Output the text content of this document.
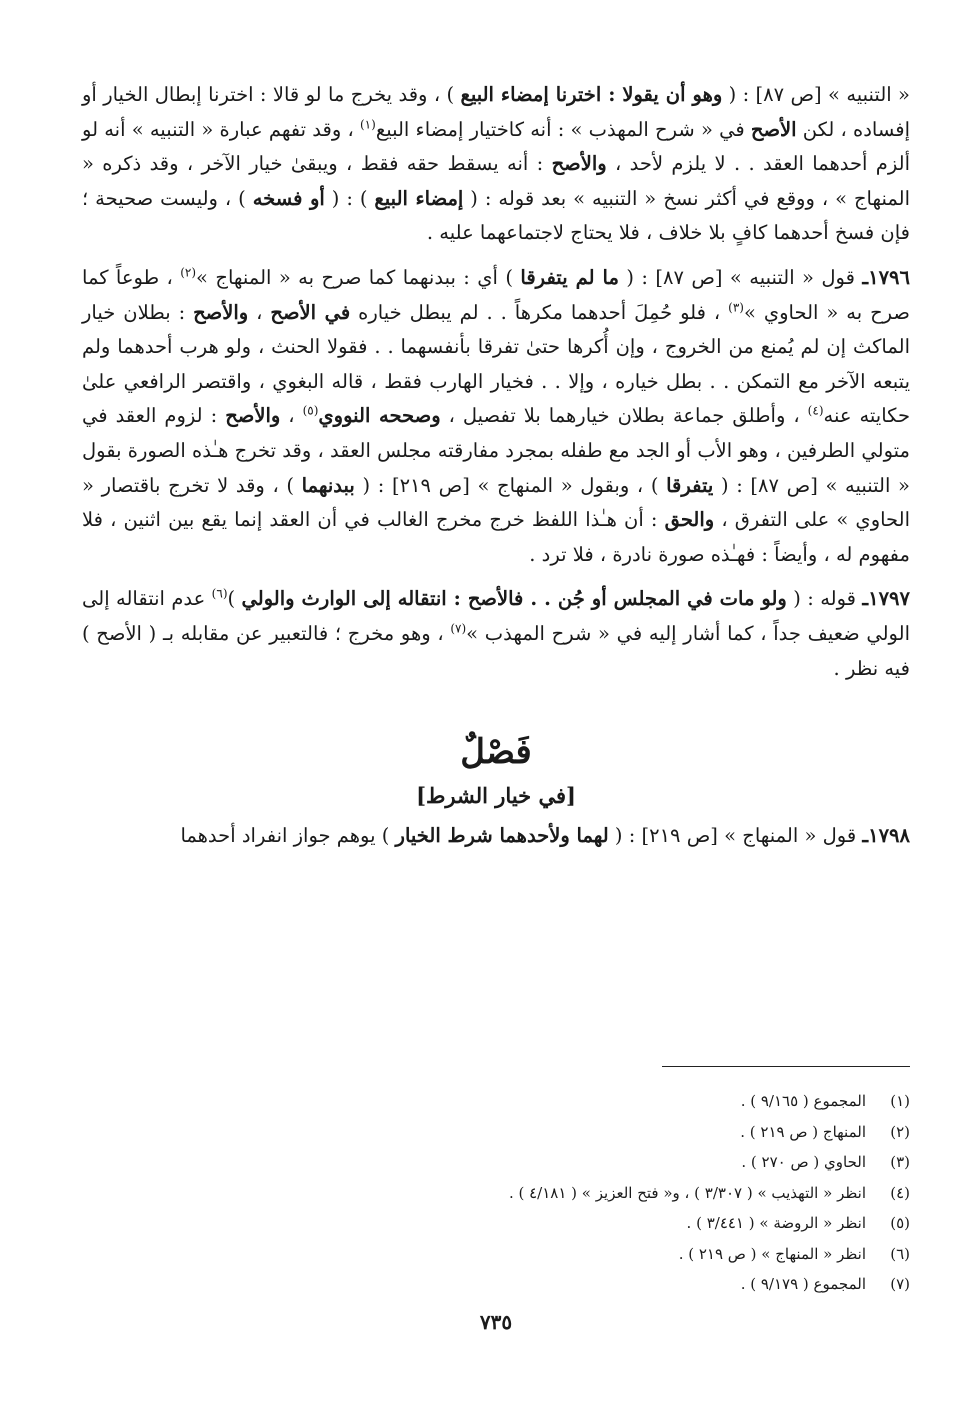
« التنبيه » [ص ٨٧] : ( وهو أن يقولا : اخترنا إمضاء البيع ) ، وقد يخرج ما لو قالا : اخترنا إبطال الخيار أو إفساده ، لكن الأصح في « شرح المهذب » : أنه كاختيار إمضاء البيع$^{(١)}$ ، وقد تفهم عبارة « التنبيه » أنه لو ألزم أحدهما العقد . . لا يلزم لأحد ، والأصح : أنه يسقط حقه فقط ، ويبقىٰ خيار الآخر ، وقد ذكره « المنهاج » ، ووقع في أكثر نسخ « التنبيه » بعد قوله : ( إمضاء البيع ) : ( أو فسخه ) ، وليست صحيحة ؛ فإن فسخ أحدهما كافٍ بلا خلاف ، فلا يحتاج لاجتماعهما عليه .

١٧٩٦ـ قول « التنبيه » [ص ٨٧] : ( ما لم يتفرقا ) أي : ببدنهما كما صرح به « المنهاج »$^{(٢)}$ ، طوعاً كما صرح به « الحاوي »$^{(٣)}$ ، فلو حُمِلَ أحدهما مكرهاً . . لم يبطل خياره في الأصح ، والأصح : بطلان خيار الماكث إن لم يُمنع من الخروج ، وإن أُكرها حتىٰ تفرقا بأنفسهما . . فقولا الحنث ، ولو هرب أحدهما ولم يتبعه الآخر مع التمكن . . بطل خياره ، وإلا . . فخيار الهارب فقط ، قاله البغوي ، واقتصر الرافعي علىٰ حكايته عنه$^{(٤)}$ ، وأطلق جماعة بطلان خيارهما بلا تفصيل ، وصححه النووي$^{(٥)}$ ، والأصح : لزوم العقد في متولي الطرفين ، وهو الأب أو الجد مع طفله بمجرد مفارقته مجلس العقد ، وقد تخرج هـٰذه الصورة بقول « التنبيه » [ص ٨٧] : ( يتفرقا ) ، وبقول « المنهاج » [ص ٢١٩] : ( ببدنهما ) ، وقد لا تخرج باقتصار « الحاوي » على التفرق ، والحق : أن هـٰذا اللفظ خرج مخرج الغالب في أن العقد إنما يقع بين اثنين ، فلا مفهوم له ، وأيضاً : فهـٰذه صورة نادرة ، فلا ترد .

١٧٩٧ـ قوله : ( ولو مات في المجلس أو جُن . . فالأصح : انتقاله إلى الوارث والولي )$^{(٦)}$ عدم انتقاله إلى الولي ضعيف جداً ، كما أشار إليه في « شرح المهذب »$^{(٧)}$ ، وهو مخرج ؛ فالتعبير عن مقابله بـ ( الأصح ) فيه نظر .

فَصْلٌ
[في خيار الشرط]

١٧٩٨ـ قول « المنهاج » [ص ٢١٩] : ( لهما ولأحدهما شرط الخيار ) يوهم جواز انفراد أحدهما

(١)
المجموع ( ٩/١٦٥ ) .
(٢)
المنهاج ( ص ٢١٩ ) .
(٣)
الحاوي ( ص ٢٧٠ ) .
(٤)
انظر « التهذيب » ( ٣/٣٠٧ ) ، و« فتح العزيز » ( ٤/١٨١ ) .
(٥)
انظر « الروضة » ( ٣/٤٤١ ) .
(٦)
انظر « المنهاج » ( ص ٢١٩ ) .
(٧)
المجموع ( ٩/١٧٩ ) .
٧٣٥
